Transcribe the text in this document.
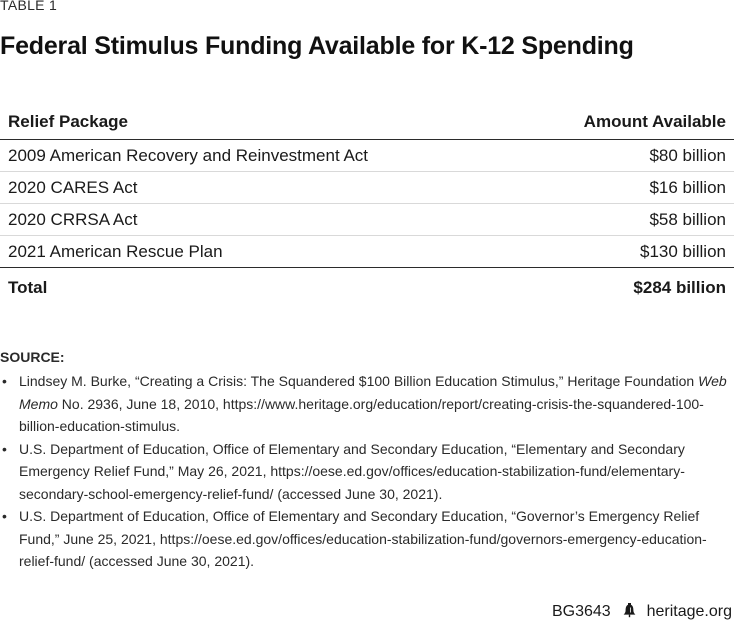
TABLE 1
Federal Stimulus Funding Available for K-12 Spending
Relief Package	Amount Available
2009 American Recovery and Reinvestment Act	$80 billion
2020 CARES Act	$16 billion
2020 CRRSA Act	$58 billion
2021 American Rescue Plan	$130 billion
Total	$284 billion
SOURCE:
• Lindsey M. Burke, “Creating a Crisis: The Squandered $100 Billion Education Stimulus,” Heritage Foundation Web Memo No. 2936, June 18, 2010, https://www.heritage.org/education/report/creating-crisis-the-squandered-100-billion-education-stimulus.
• U.S. Department of Education, Office of Elementary and Secondary Education, “Elementary and Secondary Emergency Relief Fund,” May 26, 2021, https://oese.ed.gov/offices/education-stabilization-fund/elementary-secondary-school-emergency-relief-fund/ (accessed June 30, 2021).
• U.S. Department of Education, Office of Elementary and Secondary Education, “Governor’s Emergency Relief Fund,” June 25, 2021, https://oese.ed.gov/offices/education-stabilization-fund/governors-emergency-education-relief-fund/ (accessed June 30, 2021).
BG3643 heritage.org
